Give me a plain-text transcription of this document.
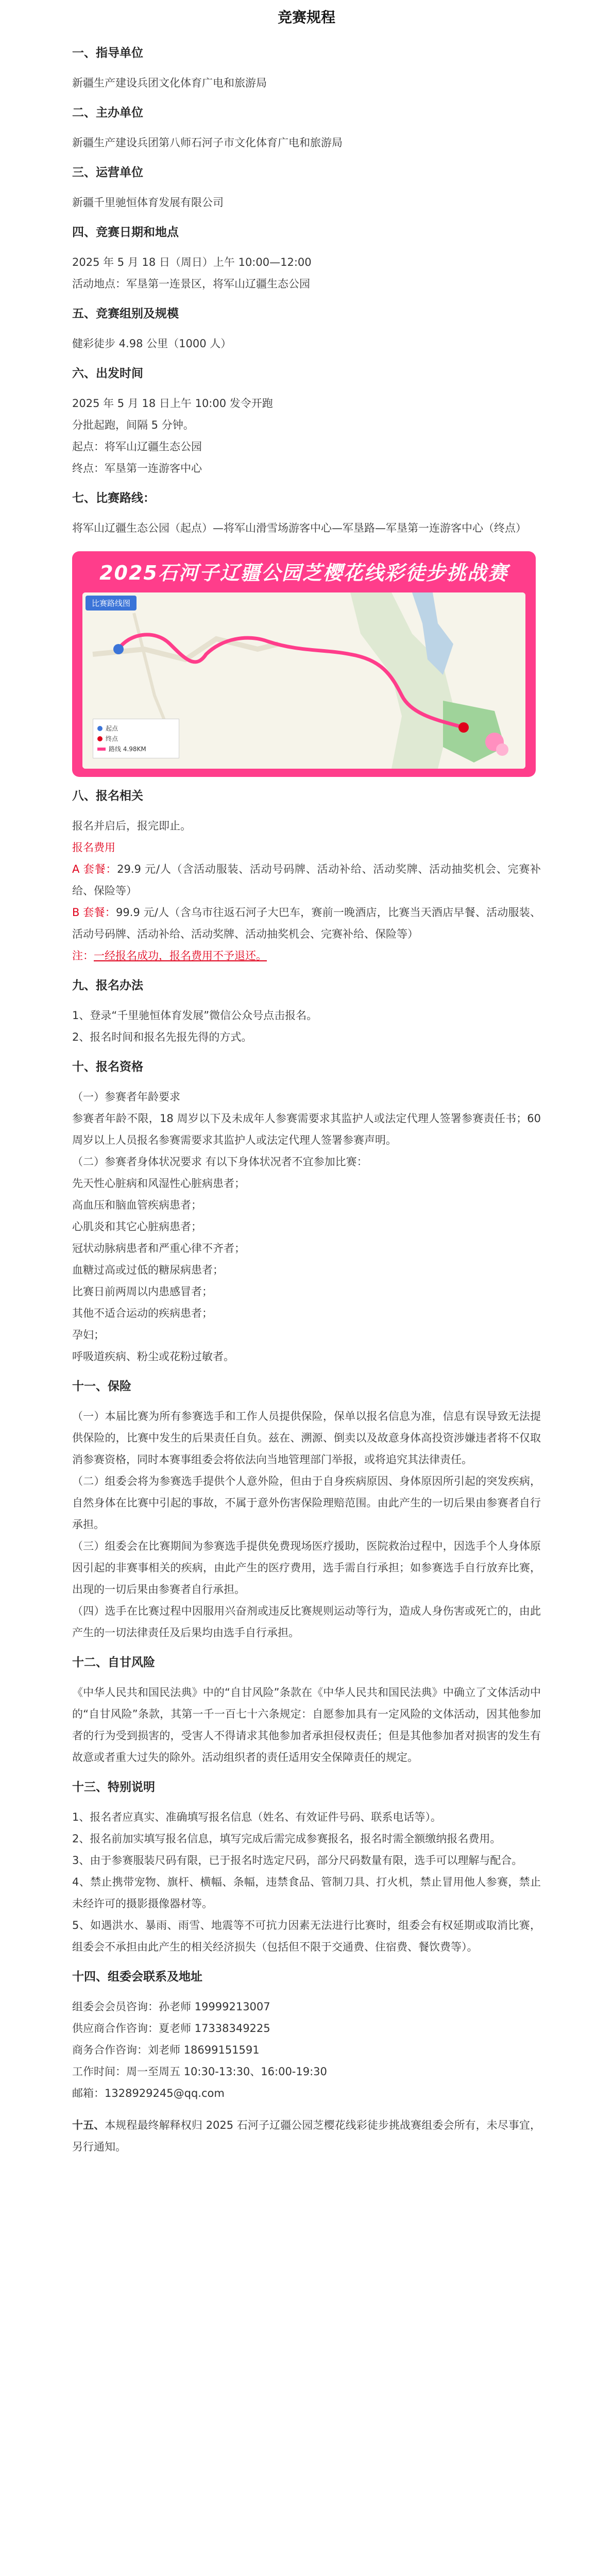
竞赛规程
一、指导单位

新疆生产建设兵团文化体育广电和旅游局

二、主办单位

新疆生产建设兵团第八师石河子市文化体育广电和旅游局

三、运营单位

新疆千里驰恒体育发展有限公司

四、竞赛日期和地点

2025 年 5 月 18 日（周日）上午 10:00—12:00

活动地点：军垦第一连景区，将军山辽疆生态公园

五、竞赛组别及规模

健彩徒步 4.98 公里（1000 人）

六、出发时间

2025 年 5 月 18 日上午 10:00 发令开跑

分批起跑，间隔 5 分钟。

起点：将军山辽疆生态公园

终点：军垦第一连游客中心

七、比赛路线：

将军山辽疆生态公园（起点）—将军山滑雪场游客中心—军垦路—军垦第一连游客中心（终点）

2025石河子辽疆公园芝樱花线彩徒步挑战赛
比赛路线图
起点
终点
路线 4.98KM
八、报名相关

报名并启后，报完即止。

报名费用

A 套餐：29.9 元/人（含活动服装、活动号码牌、活动补给、活动奖牌、活动抽奖机会、完赛补给、保险等）

B 套餐：99.9 元/人（含乌市往返石河子大巴车，赛前一晚酒店，比赛当天酒店早餐、活动服装、活动号码牌、活动补给、活动奖牌、活动抽奖机会、完赛补给、保险等）

注：一经报名成功，报名费用不予退还。

九、报名办法

1、登录“千里驰恒体育发展”微信公众号点击报名。

2、报名时间和报名先报先得的方式。

十、报名资格

（一）参赛者年龄要求

参赛者年龄不限，18 周岁以下及未成年人参赛需要求其监护人或法定代理人签署参赛责任书；60 周岁以上人员报名参赛需要求其监护人或法定代理人签署参赛声明。

（二）参赛者身体状况要求 有以下身体状况者不宜参加比赛：

先天性心脏病和风湿性心脏病患者；

高血压和脑血管疾病患者；

心肌炎和其它心脏病患者；

冠状动脉病患者和严重心律不齐者；

血糖过高或过低的糖尿病患者；

比赛日前两周以内患感冒者；

其他不适合运动的疾病患者；

孕妇；

呼吸道疾病、粉尘或花粉过敏者。

十一、保险

（一）本届比赛为所有参赛选手和工作人员提供保险，保单以报名信息为准，信息有误导致无法提供保险的，比赛中发生的后果责任自负。兹在、溯源、倒卖以及故意身体高投资涉嫌违者将不仅取消参赛资格，同时本赛事组委会将依法向当地管理部门举报，或将追究其法律责任。

（二）组委会将为参赛选手提供个人意外险，但由于自身疾病原因、身体原因所引起的突发疾病，自然身体在比赛中引起的事故，不属于意外伤害保险理赔范围。由此产生的一切后果由参赛者自行承担。

（三）组委会在比赛期间为参赛选手提供免费现场医疗援助，医院救治过程中，因选手个人身体原因引起的非赛事相关的疾病，由此产生的医疗费用，选手需自行承担；如参赛选手自行放弃比赛，出现的一切后果由参赛者自行承担。

（四）选手在比赛过程中因服用兴奋剂或违反比赛规则运动等行为，造成人身伤害或死亡的，由此产生的一切法律责任及后果均由选手自行承担。

十二、自甘风险

《中华人民共和国民法典》中的“自甘风险”条款在《中华人民共和国民法典》中确立了文体活动中的“自甘风险”条款，其第一千一百七十六条规定：自愿参加具有一定风险的文体活动，因其他参加者的行为受到损害的，受害人不得请求其他参加者承担侵权责任；但是其他参加者对损害的发生有故意或者重大过失的除外。活动组织者的责任适用安全保障责任的规定。

十三、特别说明

1、报名者应真实、准确填写报名信息（姓名、有效证件号码、联系电话等）。

2、报名前加实填写报名信息，填写完成后需完成参赛报名，报名时需全额缴纳报名费用。

3、由于参赛服装尺码有限，已于报名时选定尺码，部分尺码数量有限，选手可以理解与配合。

4、禁止携带宠物、旗杆、横幅、条幅，违禁食品、管制刀具、打火机，禁止冒用他人参赛，禁止未经许可的摄影摄像器材等。

5、如遇洪水、暴雨、雨雪、地震等不可抗力因素无法进行比赛时，组委会有权延期或取消比赛，组委会不承担由此产生的相关经济损失（包括但不限于交通费、住宿费、餐饮费等）。

十四、组委会联系及地址

组委会会员咨询：孙老师 19999213007

供应商合作咨询：夏老师 17338349225

商务合作咨询：刘老师 18699151591

工作时间：周一至周五 10:30-13:30、16:00-19:30

邮箱：1328929245@qq.com

十五、本规程最终解释权归 2025 石河子辽疆公园芝樱花线彩徒步挑战赛组委会所有，未尽事宜，另行通知。
